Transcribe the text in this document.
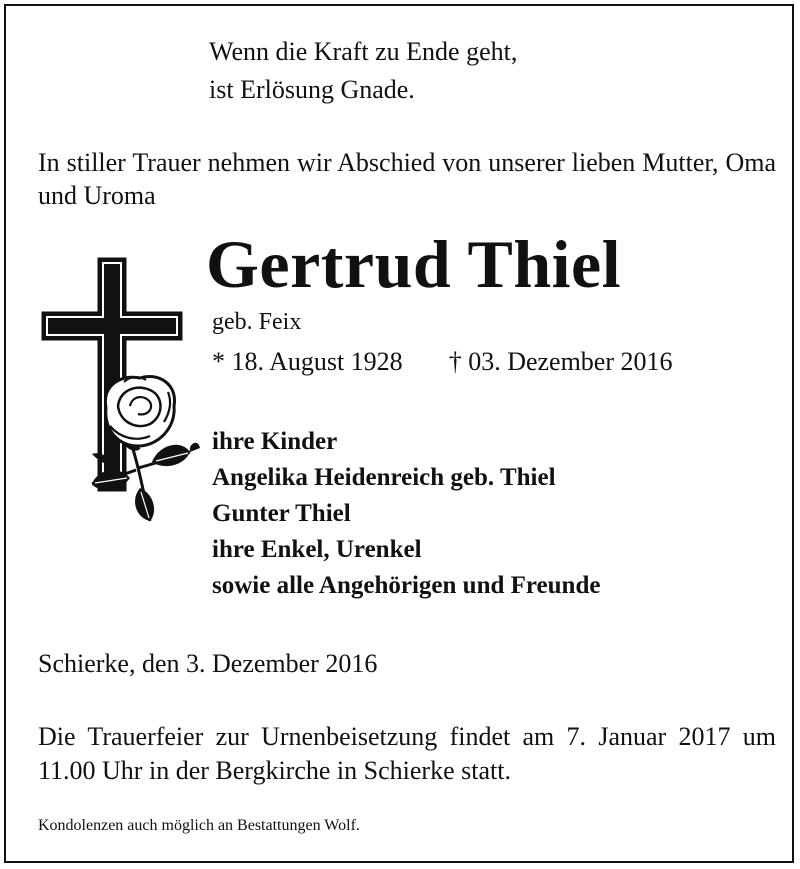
Wenn die Kraft zu Ende geht,
ist Erlösung Gnade.
In stiller Trauer nehmen wir Abschied von unserer lieben Mutter, Oma und Uroma
Gertrud Thiel
geb. Feix
* 18. August 1928 † 03. Dezember 2016
ihre Kinder
Angelika Heidenreich geb. Thiel
Gunter Thiel
ihre Enkel, Urenkel
sowie alle Angehörigen und Freunde
Schierke, den 3. Dezember 2016
Die Trauerfeier zur Urnenbeisetzung findet am 7. Januar 2017 um 11.00 Uhr in der Bergkirche in Schierke statt.
Kondolenzen auch möglich an Bestattungen Wolf.
